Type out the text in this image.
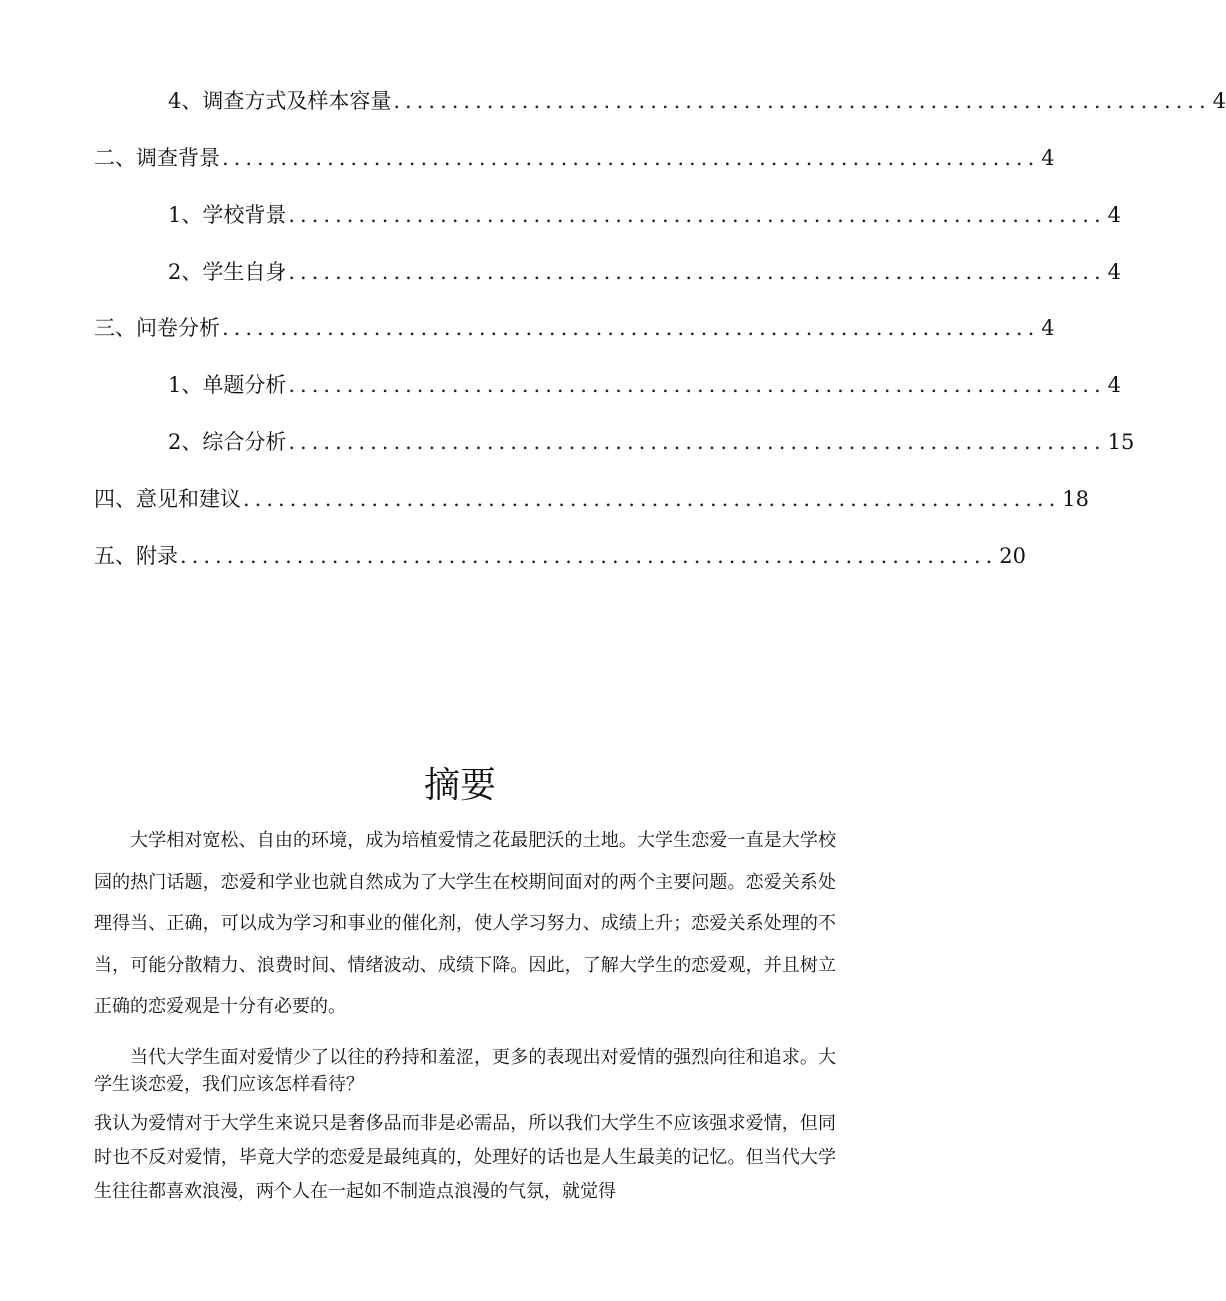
4、调查方式及样本容量 ...................................................................... 4
二、调查背景 ...................................................................... 4
1、学校背景 ...................................................................... 4
2、学生自身 ...................................................................... 4
三、问卷分析 ...................................................................... 4
1、单题分析 ...................................................................... 4
2、综合分析 ...................................................................... 15
四、意见和建议 ...................................................................... 18
五、附录 ...................................................................... 20
摘要

大学相对宽松、自由的环境，成为培植爱情之花最肥沃的土地。大学生恋爱一直是大学校园的热门话题，恋爱和学业也就自然成为了大学生在校期间面对的两个主要问题。恋爱关系处理得当、正确，可以成为学习和事业的催化剂，使人学习努力、成绩上升；恋爱关系处理的不当，可能分散精力、浪费时间、情绪波动、成绩下降。因此，了解大学生的恋爱观，并且树立正确的恋爱观是十分有必要的。

当代大学生面对爱情少了以往的矜持和羞涩，更多的表现出对爱情的强烈向往和追求。大学生谈恋爱，我们应该怎样看待？

我认为爱情对于大学生来说只是奢侈品而非是必需品，所以我们大学生不应该强求爱情，但同时也不反对爱情，毕竟大学的恋爱是最纯真的，处理好的话也是人生最美的记忆。但当代大学生往往都喜欢浪漫，两个人在一起如不制造点浪漫的气氛，就觉得
